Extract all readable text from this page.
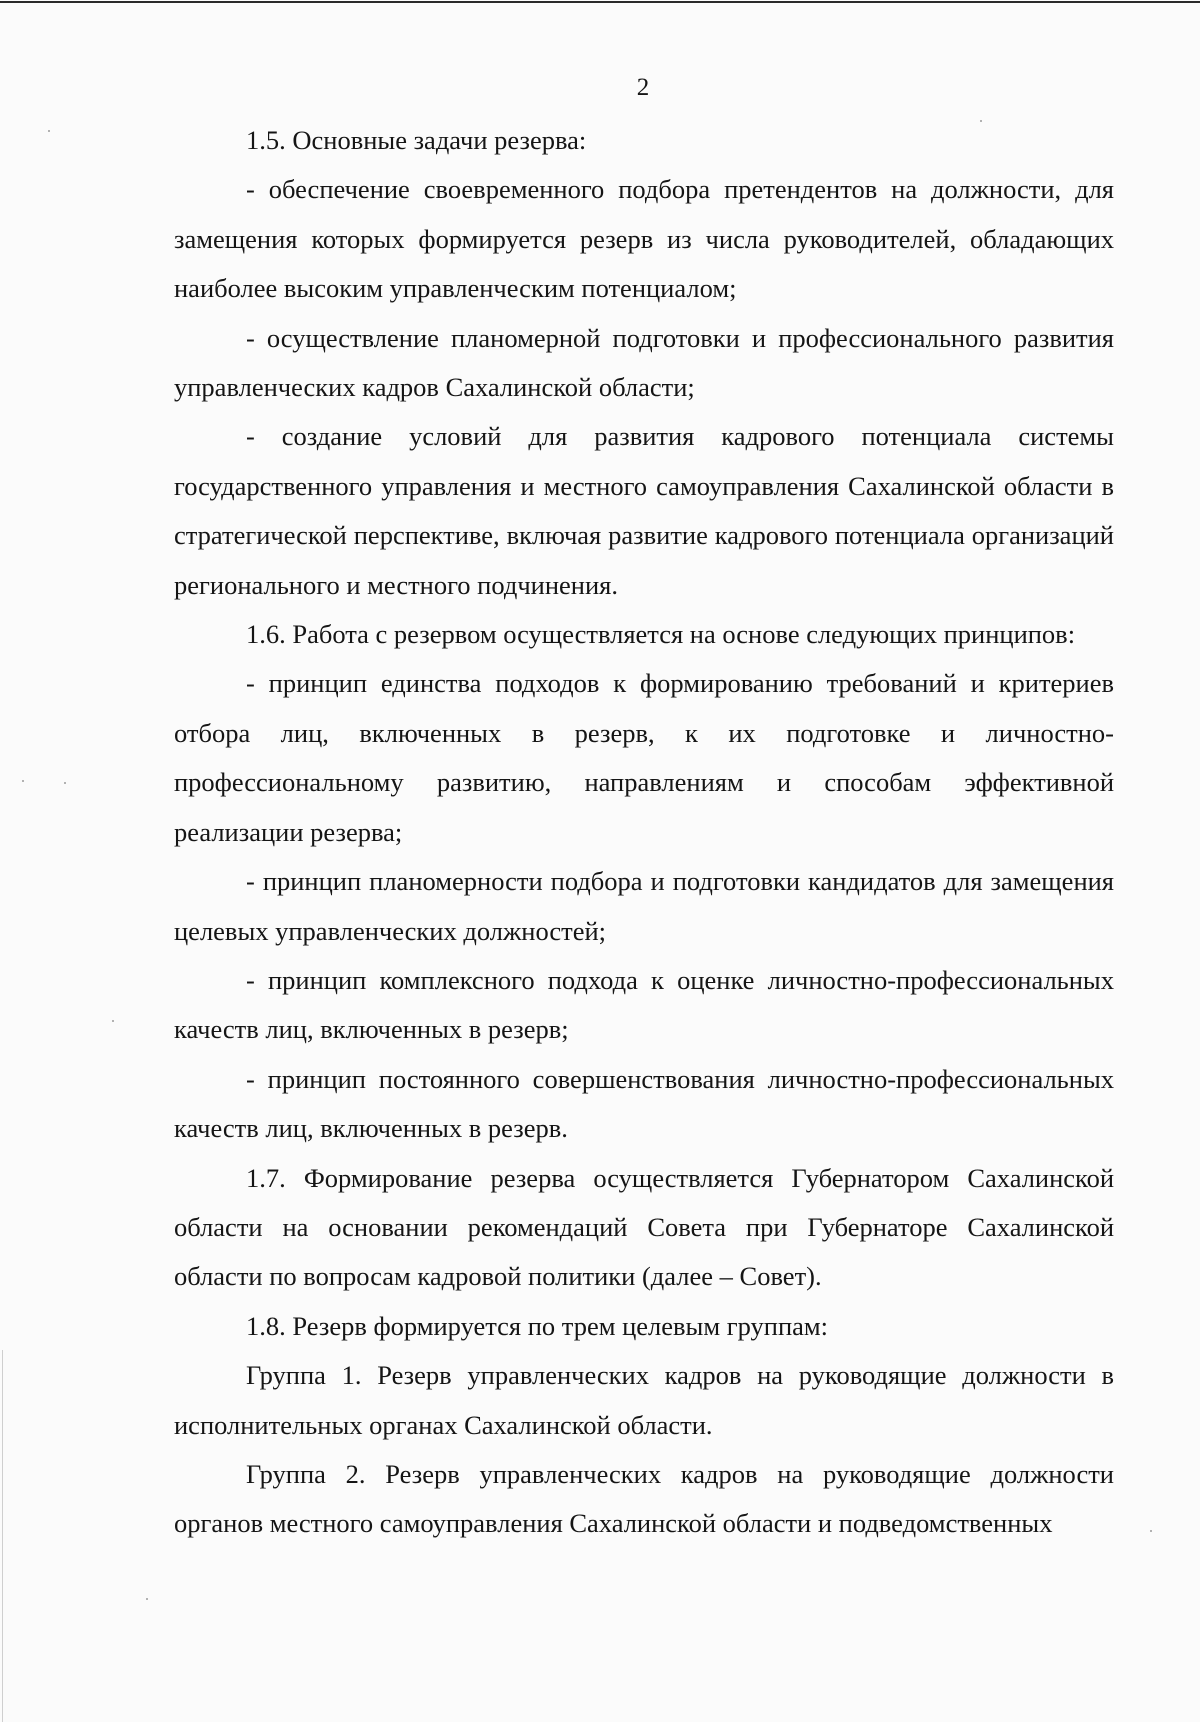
2

1.5. Основные задачи резерва:

- обеспечение своевременного подбора претендентов на должности, для замещения которых формируется резерв из числа руководителей, обладающих наиболее высоким управленческим потенциалом;

- осуществление планомерной подготовки и профессионального развития управленческих кадров Сахалинской области;

- создание условий для развития кадрового потенциала системы государственного управления и местного самоуправления Сахалинской области в стратегической перспективе, включая развитие кадрового потенциала организаций регионального и местного подчинения.

1.6. Работа с резервом осуществляется на основе следующих принципов:

- принцип единства подходов к формированию требований и критериев отбора лиц, включенных в резерв, к их подготовке и личностно-профессиональному развитию, направлениям и способам эффективной реализации резерва;

- принцип планомерности подбора и подготовки кандидатов для замещения целевых управленческих должностей;

- принцип комплексного подхода к оценке личностно-профессиональных качеств лиц, включенных в резерв;

- принцип постоянного совершенствования личностно-профессиональных качеств лиц, включенных в резерв.

1.7. Формирование резерва осуществляется Губернатором Сахалинской области на основании рекомендаций Совета при Губернаторе Сахалинской области по вопросам кадровой политики (далее – Совет).

1.8. Резерв формируется по трем целевым группам:

Группа 1. Резерв управленческих кадров на руководящие должности в исполнительных органах Сахалинской области.

Группа 2. Резерв управленческих кадров на руководящие должности органов местного самоуправления Сахалинской области и подведомственных
